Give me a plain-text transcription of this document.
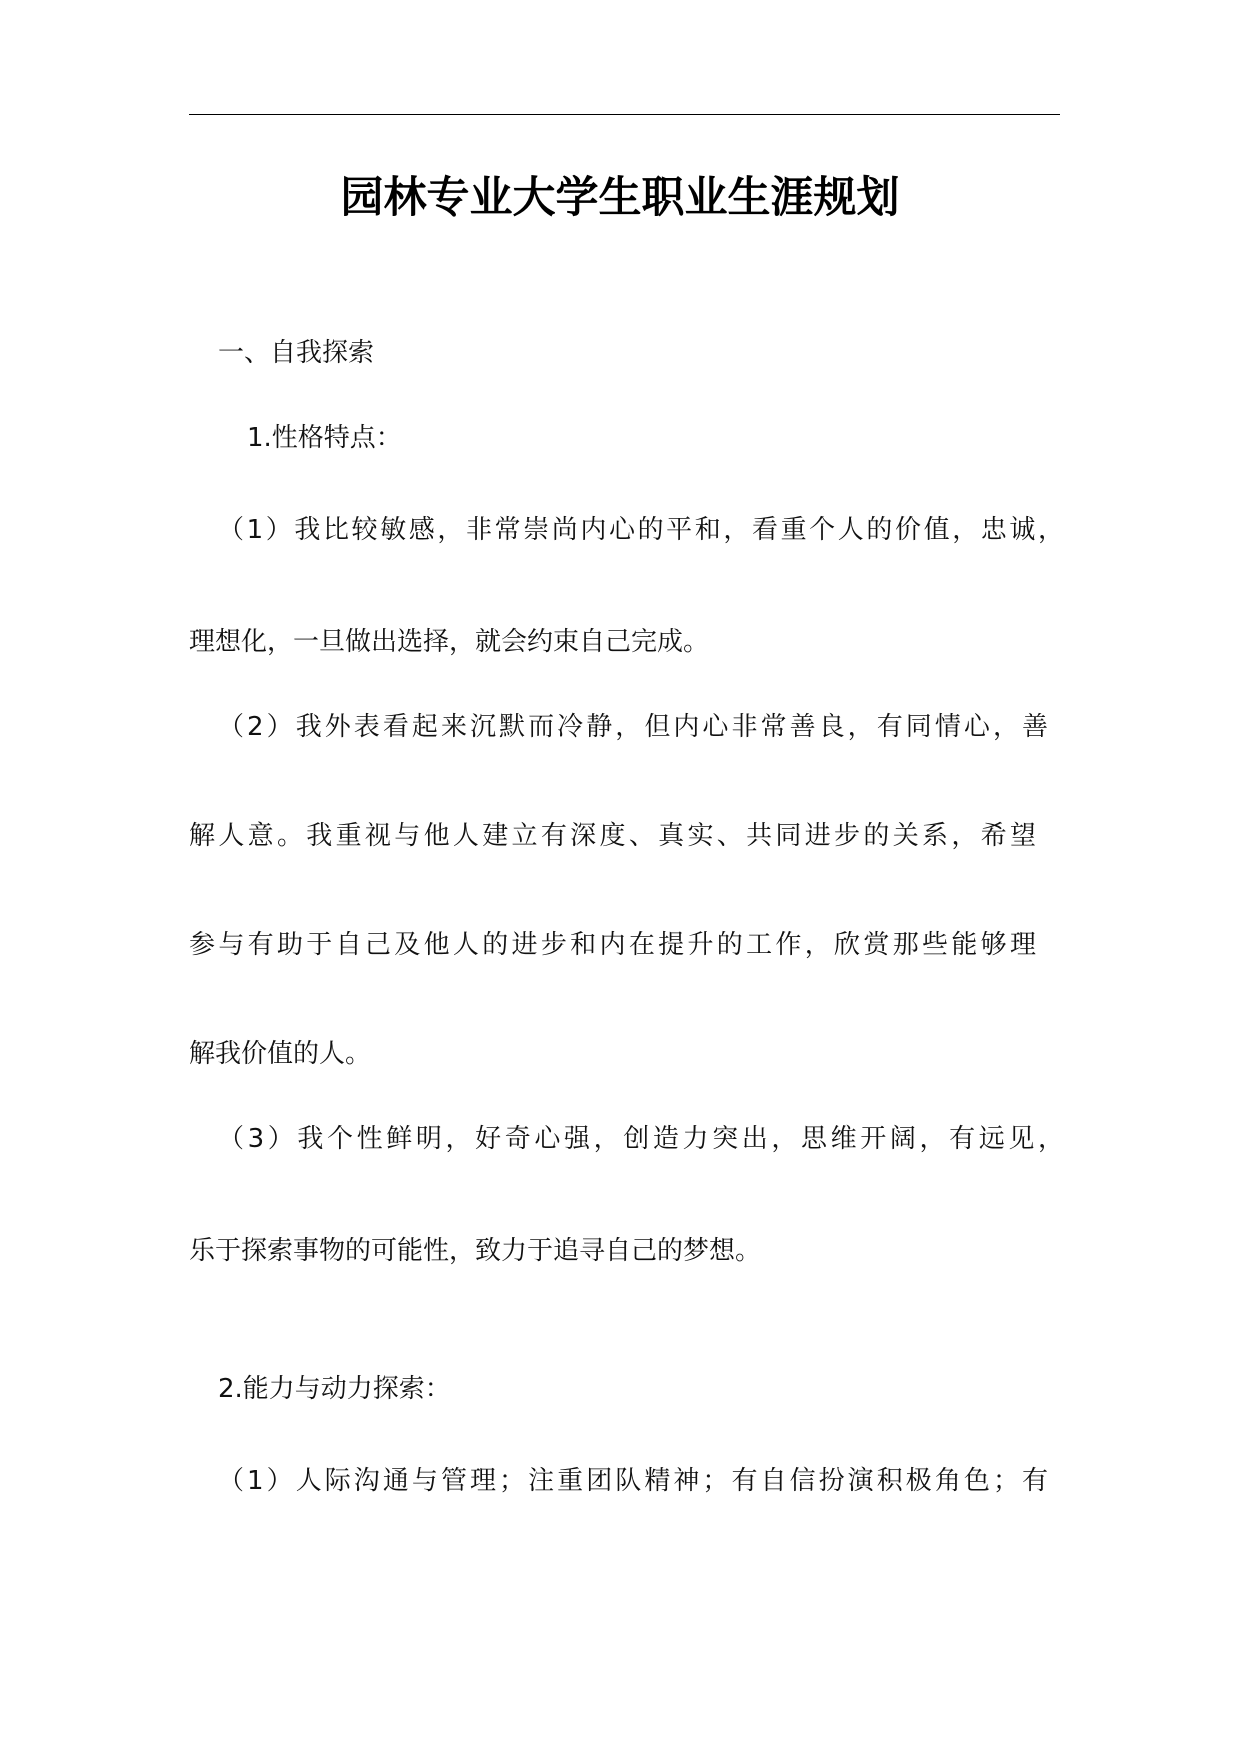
园林专业大学生职业生涯规划
一、自我探索
1.性格特点：
（1）我比较敏感，非常崇尚内心的平和，看重个人的价值，忠诚，
理想化，一旦做出选择，就会约束自己完成。
（2）我外表看起来沉默而冷静，但内心非常善良，有同情心，善
解人意。我重视与他人建立有深度、真实、共同进步的关系，希望
参与有助于自己及他人的进步和内在提升的工作，欣赏那些能够理
解我价值的人。
（3）我个性鲜明，好奇心强，创造力突出，思维开阔，有远见，
乐于探索事物的可能性，致力于追寻自己的梦想。
2.能力与动力探索：
（1）人际沟通与管理；注重团队精神；有自信扮演积极角色；有
